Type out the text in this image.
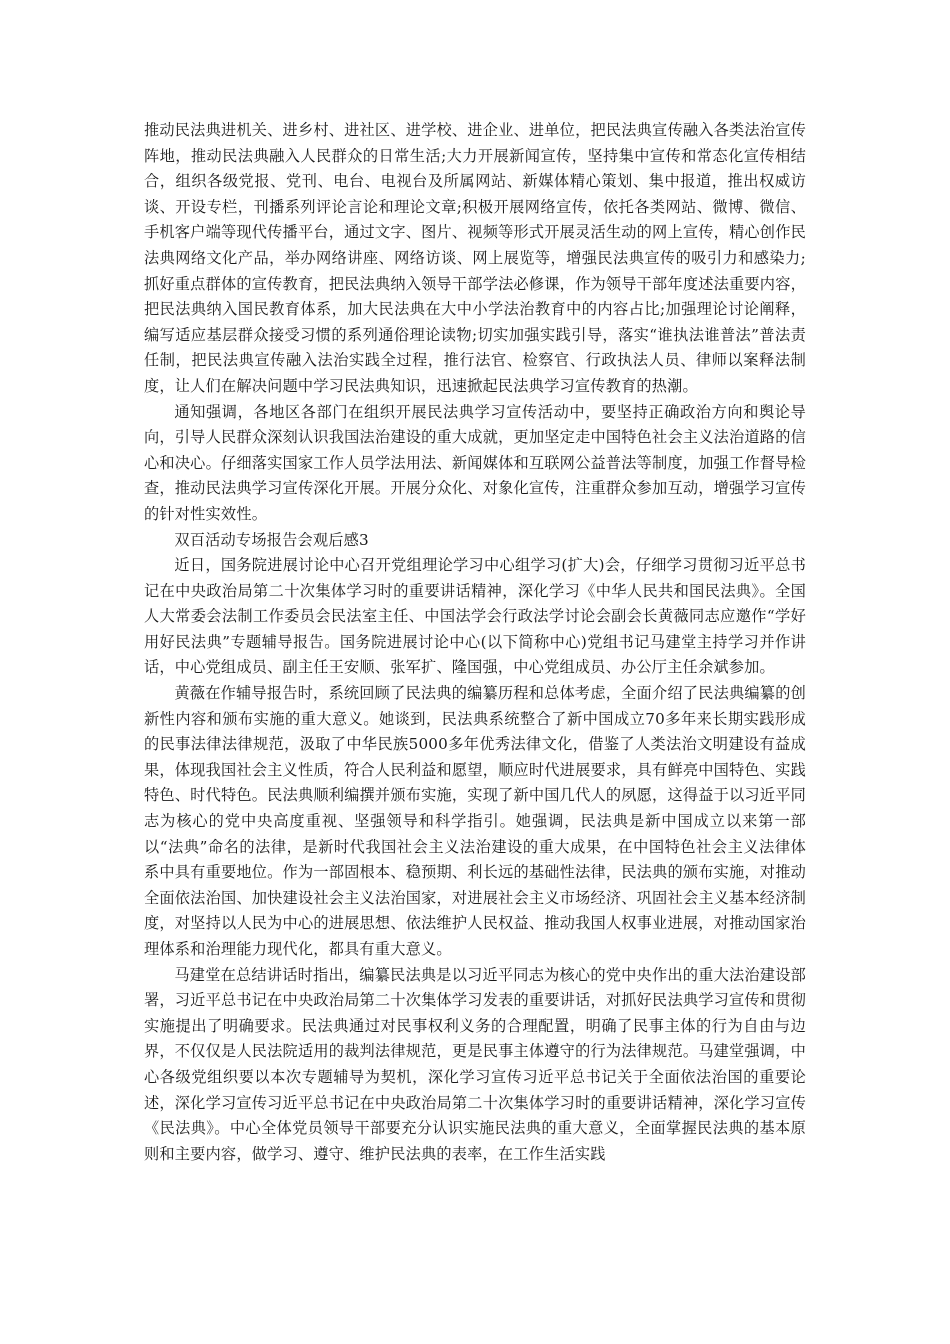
推动民法典进机关、进乡村、进社区、进学校、进企业、进单位，把民法典宣传融入各类法治宣传阵地，推动民法典融入人民群众的日常生活;大力开展新闻宣传，坚持集中宣传和常态化宣传相结合，组织各级党报、党刊、电台、电视台及所属网站、新媒体精心策划、集中报道，推出权威访谈、开设专栏，刊播系列评论言论和理论文章;积极开展网络宣传，依托各类网站、微博、微信、手机客户端等现代传播平台，通过文字、图片、视频等形式开展灵活生动的网上宣传，精心创作民法典网络文化产品，举办网络讲座、网络访谈、网上展览等，增强民法典宣传的吸引力和感染力;抓好重点群体的宣传教育，把民法典纳入领导干部学法必修课，作为领导干部年度述法重要内容，把民法典纳入国民教育体系，加大民法典在大中小学法治教育中的内容占比;加强理论讨论阐释，编写适应基层群众接受习惯的系列通俗理论读物;切实加强实践引导，落实“谁执法谁普法”普法责任制，把民法典宣传融入法治实践全过程，推行法官、检察官、行政执法人员、律师以案释法制度，让人们在解决问题中学习民法典知识，迅速掀起民法典学习宣传教育的热潮。

通知强调，各地区各部门在组织开展民法典学习宣传活动中，要坚持正确政治方向和舆论导向，引导人民群众深刻认识我国法治建设的重大成就，更加坚定走中国特色社会主义法治道路的信心和决心。仔细落实国家工作人员学法用法、新闻媒体和互联网公益普法等制度，加强工作督导检查，推动民法典学习宣传深化开展。开展分众化、对象化宣传，注重群众参加互动，增强学习宣传的针对性实效性。

双百活动专场报告会观后感3

近日，国务院进展讨论中心召开党组理论学习中心组学习(扩大)会，仔细学习贯彻习近平总书记在中央政治局第二十次集体学习时的重要讲话精神，深化学习《中华人民共和国民法典》。全国人大常委会法制工作委员会民法室主任、中国法学会行政法学讨论会副会长黄薇同志应邀作“学好用好民法典”专题辅导报告。国务院进展讨论中心(以下简称中心)党组书记马建堂主持学习并作讲话，中心党组成员、副主任王安顺、张军扩、隆国强，中心党组成员、办公厅主任余斌参加。

黄薇在作辅导报告时，系统回顾了民法典的编纂历程和总体考虑，全面介绍了民法典编纂的创新性内容和颁布实施的重大意义。她谈到，民法典系统整合了新中国成立70多年来长期实践形成的民事法律法律规范，汲取了中华民族5000多年优秀法律文化，借鉴了人类法治文明建设有益成果，体现我国社会主义性质，符合人民利益和愿望，顺应时代进展要求，具有鲜亮中国特色、实践特色、时代特色。民法典顺利编撰并颁布实施，实现了新中国几代人的夙愿，这得益于以习近平同志为核心的党中央高度重视、坚强领导和科学指引。她强调，民法典是新中国成立以来第一部以“法典”命名的法律，是新时代我国社会主义法治建设的重大成果，在中国特色社会主义法律体系中具有重要地位。作为一部固根本、稳预期、利长远的基础性法律，民法典的颁布实施，对推动全面依法治国、加快建设社会主义法治国家，对进展社会主义市场经济、巩固社会主义基本经济制度，对坚持以人民为中心的进展思想、依法维护人民权益、推动我国人权事业进展，对推动国家治理体系和治理能力现代化，都具有重大意义。

马建堂在总结讲话时指出，编纂民法典是以习近平同志为核心的党中央作出的重大法治建设部署，习近平总书记在中央政治局第二十次集体学习发表的重要讲话，对抓好民法典学习宣传和贯彻实施提出了明确要求。民法典通过对民事权利义务的合理配置，明确了民事主体的行为自由与边界，不仅仅是人民法院适用的裁判法律规范，更是民事主体遵守的行为法律规范。马建堂强调，中心各级党组织要以本次专题辅导为契机，深化学习宣传习近平总书记关于全面依法治国的重要论述，深化学习宣传习近平总书记在中央政治局第二十次集体学习时的重要讲话精神，深化学习宣传《民法典》。中心全体党员领导干部要充分认识实施民法典的重大意义，全面掌握民法典的基本原则和主要内容，做学习、遵守、维护民法典的表率，在工作生活实践
